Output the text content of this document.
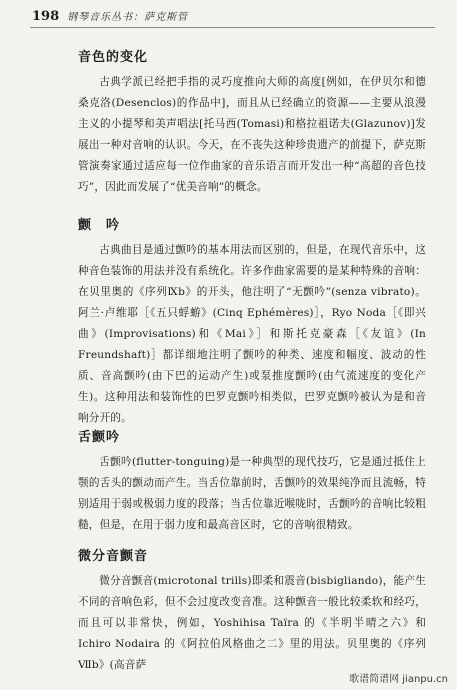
198 钢琴音乐丛书：萨克斯管
音色的变化

古典学派已经把手指的灵巧度推向大师的高度[例如，在伊贝尔和德桑克洛(Desenclos)的作品中]，而且从已经确立的资源——主要从浪漫主义的小提琴和美声唱法[托马西(Tomasi)和格拉祖诺夫(Glazunov)]发展出一种对音响的认识。今天，在不丧失这种珍贵遗产的前提下，萨克斯管演奏家通过适应每一位作曲家的音乐语言而开发出一种“高超的音色技巧”，因此而发展了“优美音响”的概念。

颤　吟

古典曲目是通过颤吟的基本用法而区别的，但是，在现代音乐中，这种音色装饰的用法并没有系统化。许多作曲家需要的是某种特殊的音响：在贝里奥的《序列Ⅸb》的开头，他注明了“无颤吟”(senza vibrato)。阿兰·卢维耶［《五只蜉蝣》(Cinq Ephémères)］，Ryo Noda［《即兴曲》(Improvisations)和《Mai》］和斯托克豪森［《友谊》(In Freundshaft)］都详细地注明了颤吟的种类、速度和幅度、波动的性质、音高颤吟(由下巴的运动产生)或泵推度颤吟(由气流速度的变化产生)。这种用法和装饰性的巴罗克颤吟相类似，巴罗克颤吟被认为是和音响分开的。

舌颤吟

舌颤吟(flutter-tonguing)是一种典型的现代技巧，它是通过抵住上颚的舌头的颤动而产生。当舌位靠前时，舌颤吟的效果纯净而且流畅，特别适用于弱或极弱力度的段落；当舌位靠近喉咙时，舌颤吟的音响比较粗糙，但是，在用于弱力度和最高音区时，它的音响很精致。

微分音颤音

微分音颤音(microtonal trills)即柔和震音(bisbigliando)，能产生不同的音响色彩，但不会过度改变音准。这种颤音一般比较柔软和经巧，而且可以非常快，例如，Yoshihisa Taïra 的《半明半晴之六》和 Ichiro Nodaira 的《阿拉伯风格曲之二》里的用法。贝里奥的《序列Ⅶb》(高音萨

歌谱简谱网 jianpu.cn
